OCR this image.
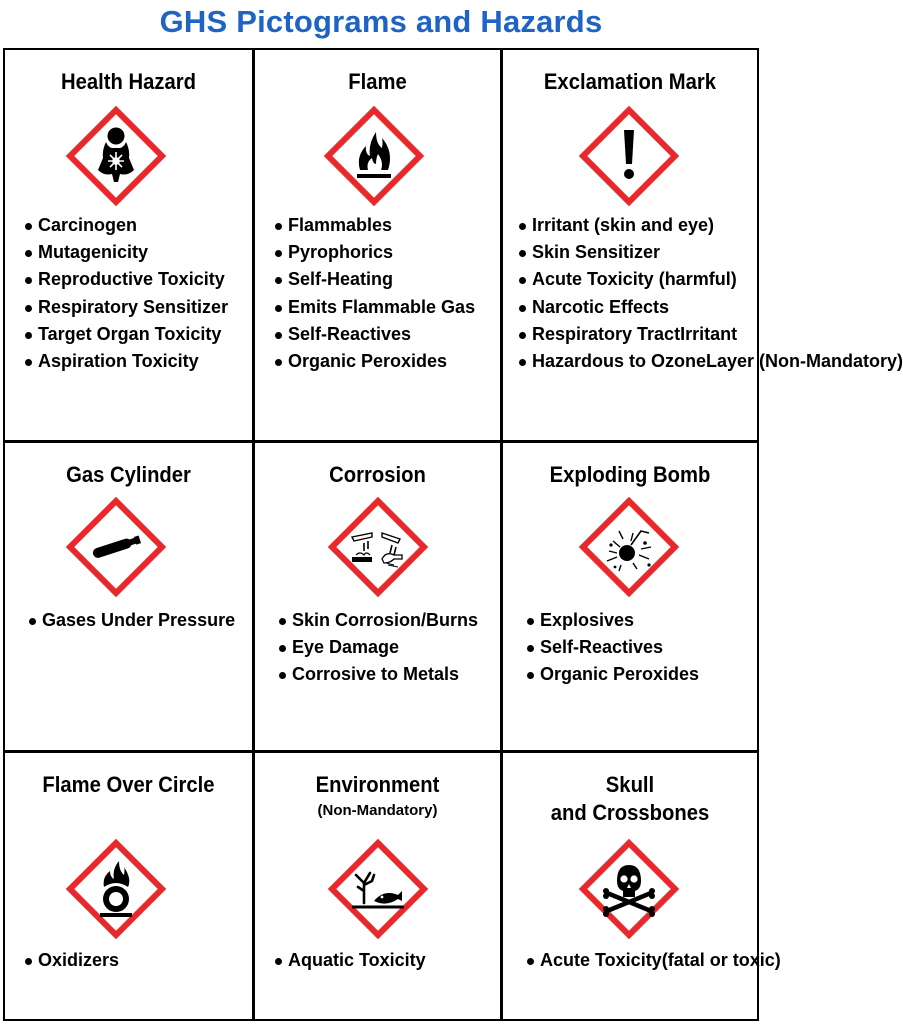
GHS Pictograms and Hazards
Health Hazard
Carcinogen
Mutagenicity
Reproductive Toxicity
Respiratory Sensitizer
Target Organ Toxicity
Aspiration Toxicity
Flame
Flammables
Pyrophorics
Self-Heating
Emits Flammable Gas
Self-Reactives
Organic Peroxides
Exclamation Mark
Irritant (skin and eye)
Skin Sensitizer
Acute Toxicity (harmful)
Narcotic Effects
Respiratory TractIrritant
Hazardous to OzoneLayer (Non-Mandatory)
Gas Cylinder
Gases Under Pressure
Corrosion
Skin Corrosion/Burns
Eye Damage
Corrosive to Metals
Exploding Bomb
Explosives
Self-Reactives
Organic Peroxides
Flame Over Circle
Oxidizers
Environment
(Non-Mandatory)
Aquatic Toxicity
Skull
and Crossbones
Acute Toxicity(fatal or toxic)
